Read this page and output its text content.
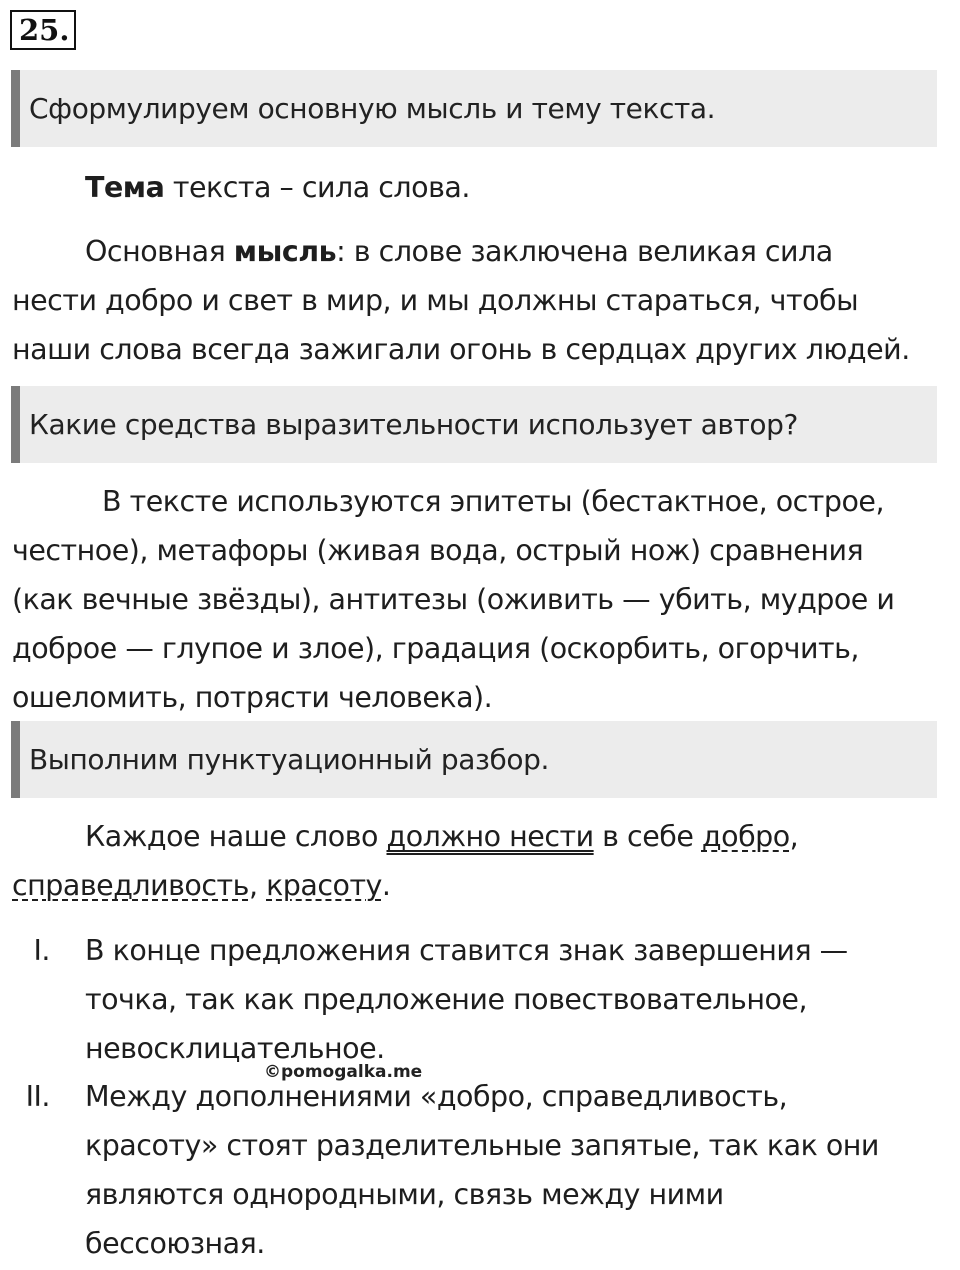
25.
Сформулируем основную мысль и тему текста.

Тема текста – сила слова.

Основная мысль: в слове заключена великая сила
нести добро и свет в мир, и мы должны стараться, чтобы
наши слова всегда зажигали огонь в сердцах других людей.
Какие средства выразительности использует автор?
В тексте используются эпитеты (бестактное, острое,
честное), метафоры (живая вода, острый нож) сравнения
(как вечные звёзды), антитезы (оживить — убить, мудрое и
доброе — глупое и злое), градация (оскорбить, огорчить,
ошеломить, потрясти человека).
Выполним пунктуационный разбор.
Каждое наше слово должно нести в себе добро,
справедливость, красоту.
I. В конце предложения ставится знак завершения —
точка, так как предложение повествовательное,
невосклицательное.
©pomogalka.me
II. Между дополнениями «добро, справедливость,
красоту» стоят разделительные запятые, так как они
являются однородными, связь между ними
бессоюзная.
